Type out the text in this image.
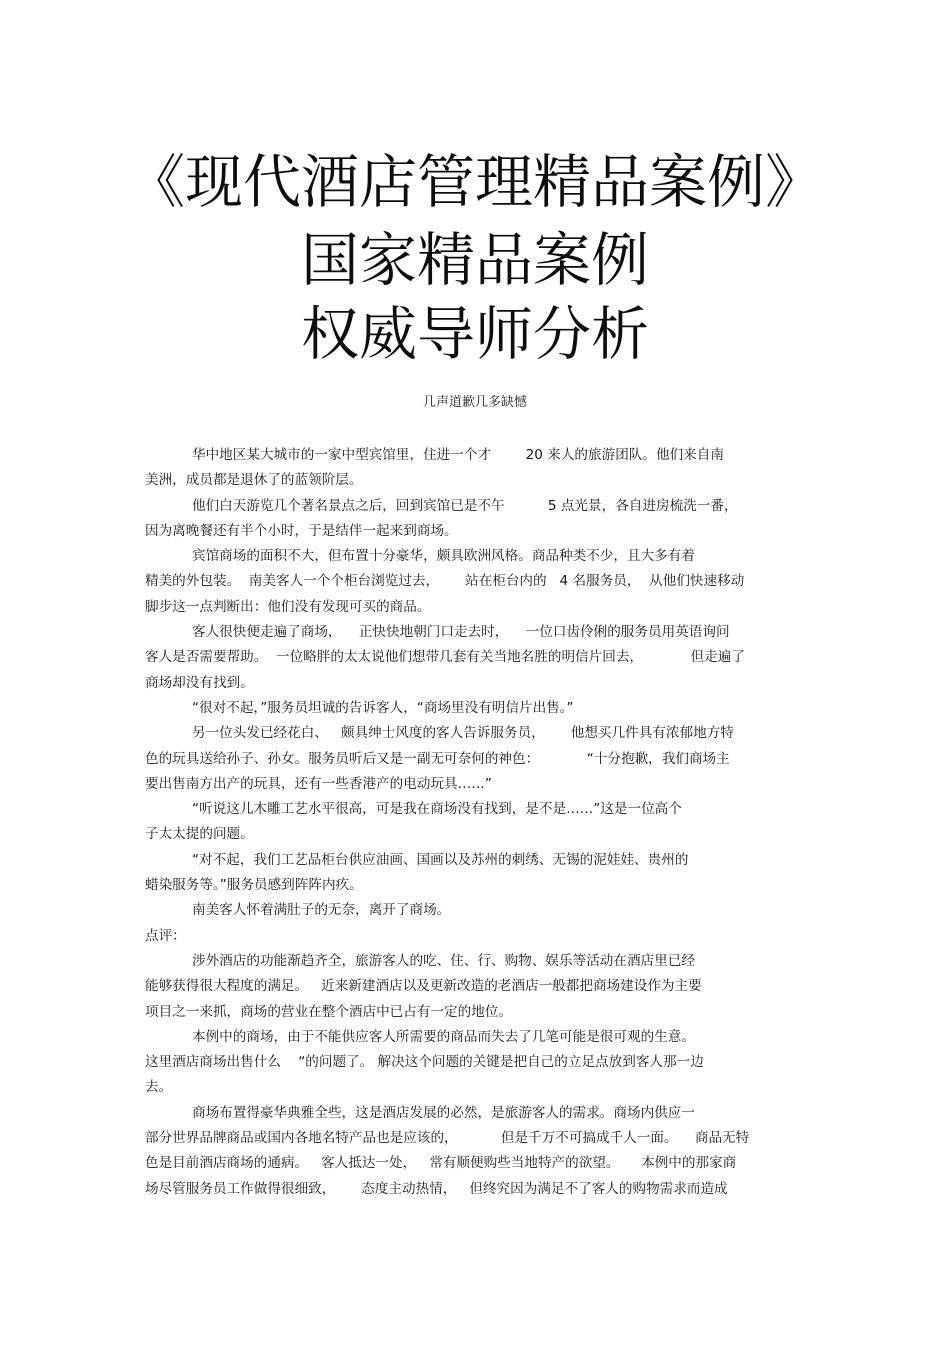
《现代酒店管理精品案例》
国家精品案例
权威导师分析
几声道歉几多缺憾
华中地区某大城市的一家中型宾馆里，住进一个才        20 来人的旅游团队。他们来自南
美洲，成员都是退休了的蓝领阶层。
他们白天游览几个著名景点之后，回到宾馆已是不午          5 点光景，各自进房梳洗一番，
因为离晚餐还有半个小时，于是结伴一起来到商场。
宾馆商场的面积不大，但布置十分豪华，颇具欧洲风格。商品种类不少，且大多有着
精美的外包装。  南美客人一个个柜台浏览过去，      站在柜台内的   4 名服务员，  从他们快速移动
脚步这一点判断出：他们没有发现可买的商品。
客人很快便走遍了商场，    正快快地朝门口走去时，    一位口齿伶俐的服务员用英语询问
客人是否需要帮助。  一位略胖的太太说他们想带几套有关当地名胜的明信片回去，           但走遍了
商场却没有找到。
“很对不起，”服务员坦诚的告诉客人，“商场里没有明信片出售。”
另一位头发已经花白、   颇具绅士风度的客人告诉服务员，      他想买几件具有浓郁地方特
色的玩具送给孙子、孙女。服务员听后又是一副无可奈何的神色：           “十分抱歉，我们商场主
要出售南方出产的玩具，还有一些香港产的电动玩具……”
“听说这儿木雕工艺水平很高，可是我在商场没有找到，是不是……”这是一位高个
子太太提的问题。
“对不起，我们工艺品柜台供应油画、国画以及苏州的刺绣、无锡的泥娃娃、贵州的
蜡染服务等。”服务员感到阵阵内疚。
南美客人怀着满肚子的无奈，离开了商场。
点评：
涉外酒店的功能渐趋齐全，旅游客人的吃、住、行、购物、娱乐等活动在酒店里已经
能够获得很大程度的满足。   近来新建酒店以及更新改造的老酒店一般都把商场建设作为主要
项目之一来抓，商场的营业在整个酒店中已占有一定的地位。
本例中的商场，由于不能供应客人所需要的商品而失去了几笔可能是很可观的生意。
这里酒店商场出售什么    “的问题了。 解决这个问题的关键是把自己的立足点放到客人那一边
去。
商场布置得豪华典雅全些，这是酒店发展的必然，是旅游客人的需求。商场内供应一
部分世界品牌商品或国内各地名特产品也是应该的，          但是千万不可搞成千人一面。    商品无特
色是目前酒店商场的通病。   客人抵达一处，   常有顺便购些当地特产的欲望。     本例中的那家商
场尽管服务员工作做得很细致，      态度主动热情，   但终究因为满足不了客人的购物需求而造成
